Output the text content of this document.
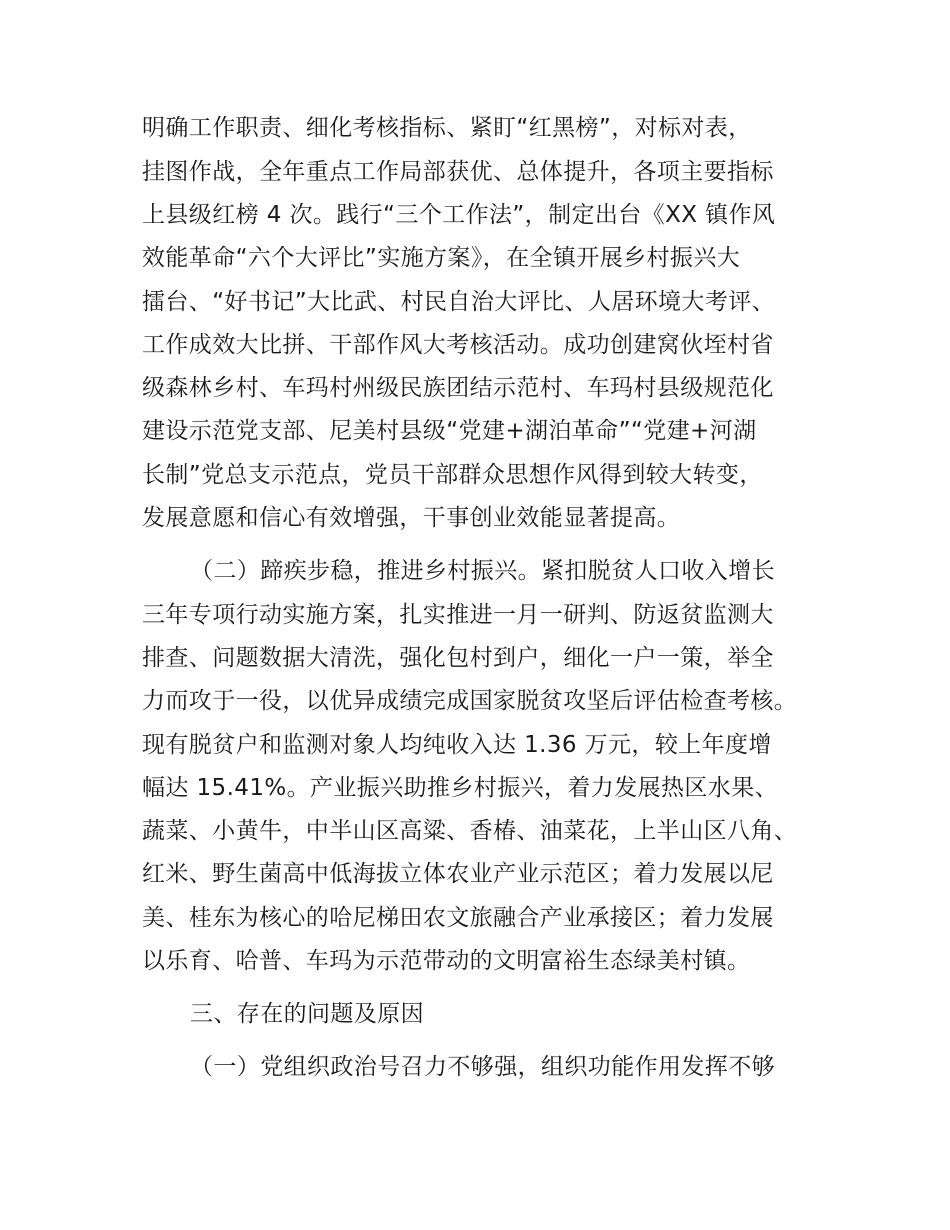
明确工作职责、细化考核指标、紧盯“红黑榜”，对标对表，
挂图作战，全年重点工作局部获优、总体提升，各项主要指标
上县级红榜 4 次。践行“三个工作法”，制定出台《XX 镇作风
效能革命“六个大评比”实施方案》，在全镇开展乡村振兴大
擂台、“好书记”大比武、村民自治大评比、人居环境大考评、
工作成效大比拼、干部作风大考核活动。成功创建窝伙垤村省
级森林乡村、车玛村州级民族团结示范村、车玛村县级规范化
建设示范党支部、尼美村县级“党建+湖泊革命”“党建+河湖
长制”党总支示范点，党员干部群众思想作风得到较大转变，
发展意愿和信心有效增强，干事创业效能显著提高。
（二）蹄疾步稳，推进乡村振兴。紧扣脱贫人口收入增长
三年专项行动实施方案，扎实推进一月一研判、防返贫监测大
排查、问题数据大清洗，强化包村到户，细化一户一策，举全
力而攻于一役，以优异成绩完成国家脱贫攻坚后评估检查考核。
现有脱贫户和监测对象人均纯收入达 1.36 万元，较上年度增
幅达 15.41%。产业振兴助推乡村振兴，着力发展热区水果、
蔬菜、小黄牛，中半山区高粱、香椿、油菜花，上半山区八角、
红米、野生菌高中低海拔立体农业产业示范区；着力发展以尼
美、桂东为核心的哈尼梯田农文旅融合产业承接区；着力发展
以乐育、哈普、车玛为示范带动的文明富裕生态绿美村镇。
三、存在的问题及原因
（一）党组织政治号召力不够强，组织功能作用发挥不够
